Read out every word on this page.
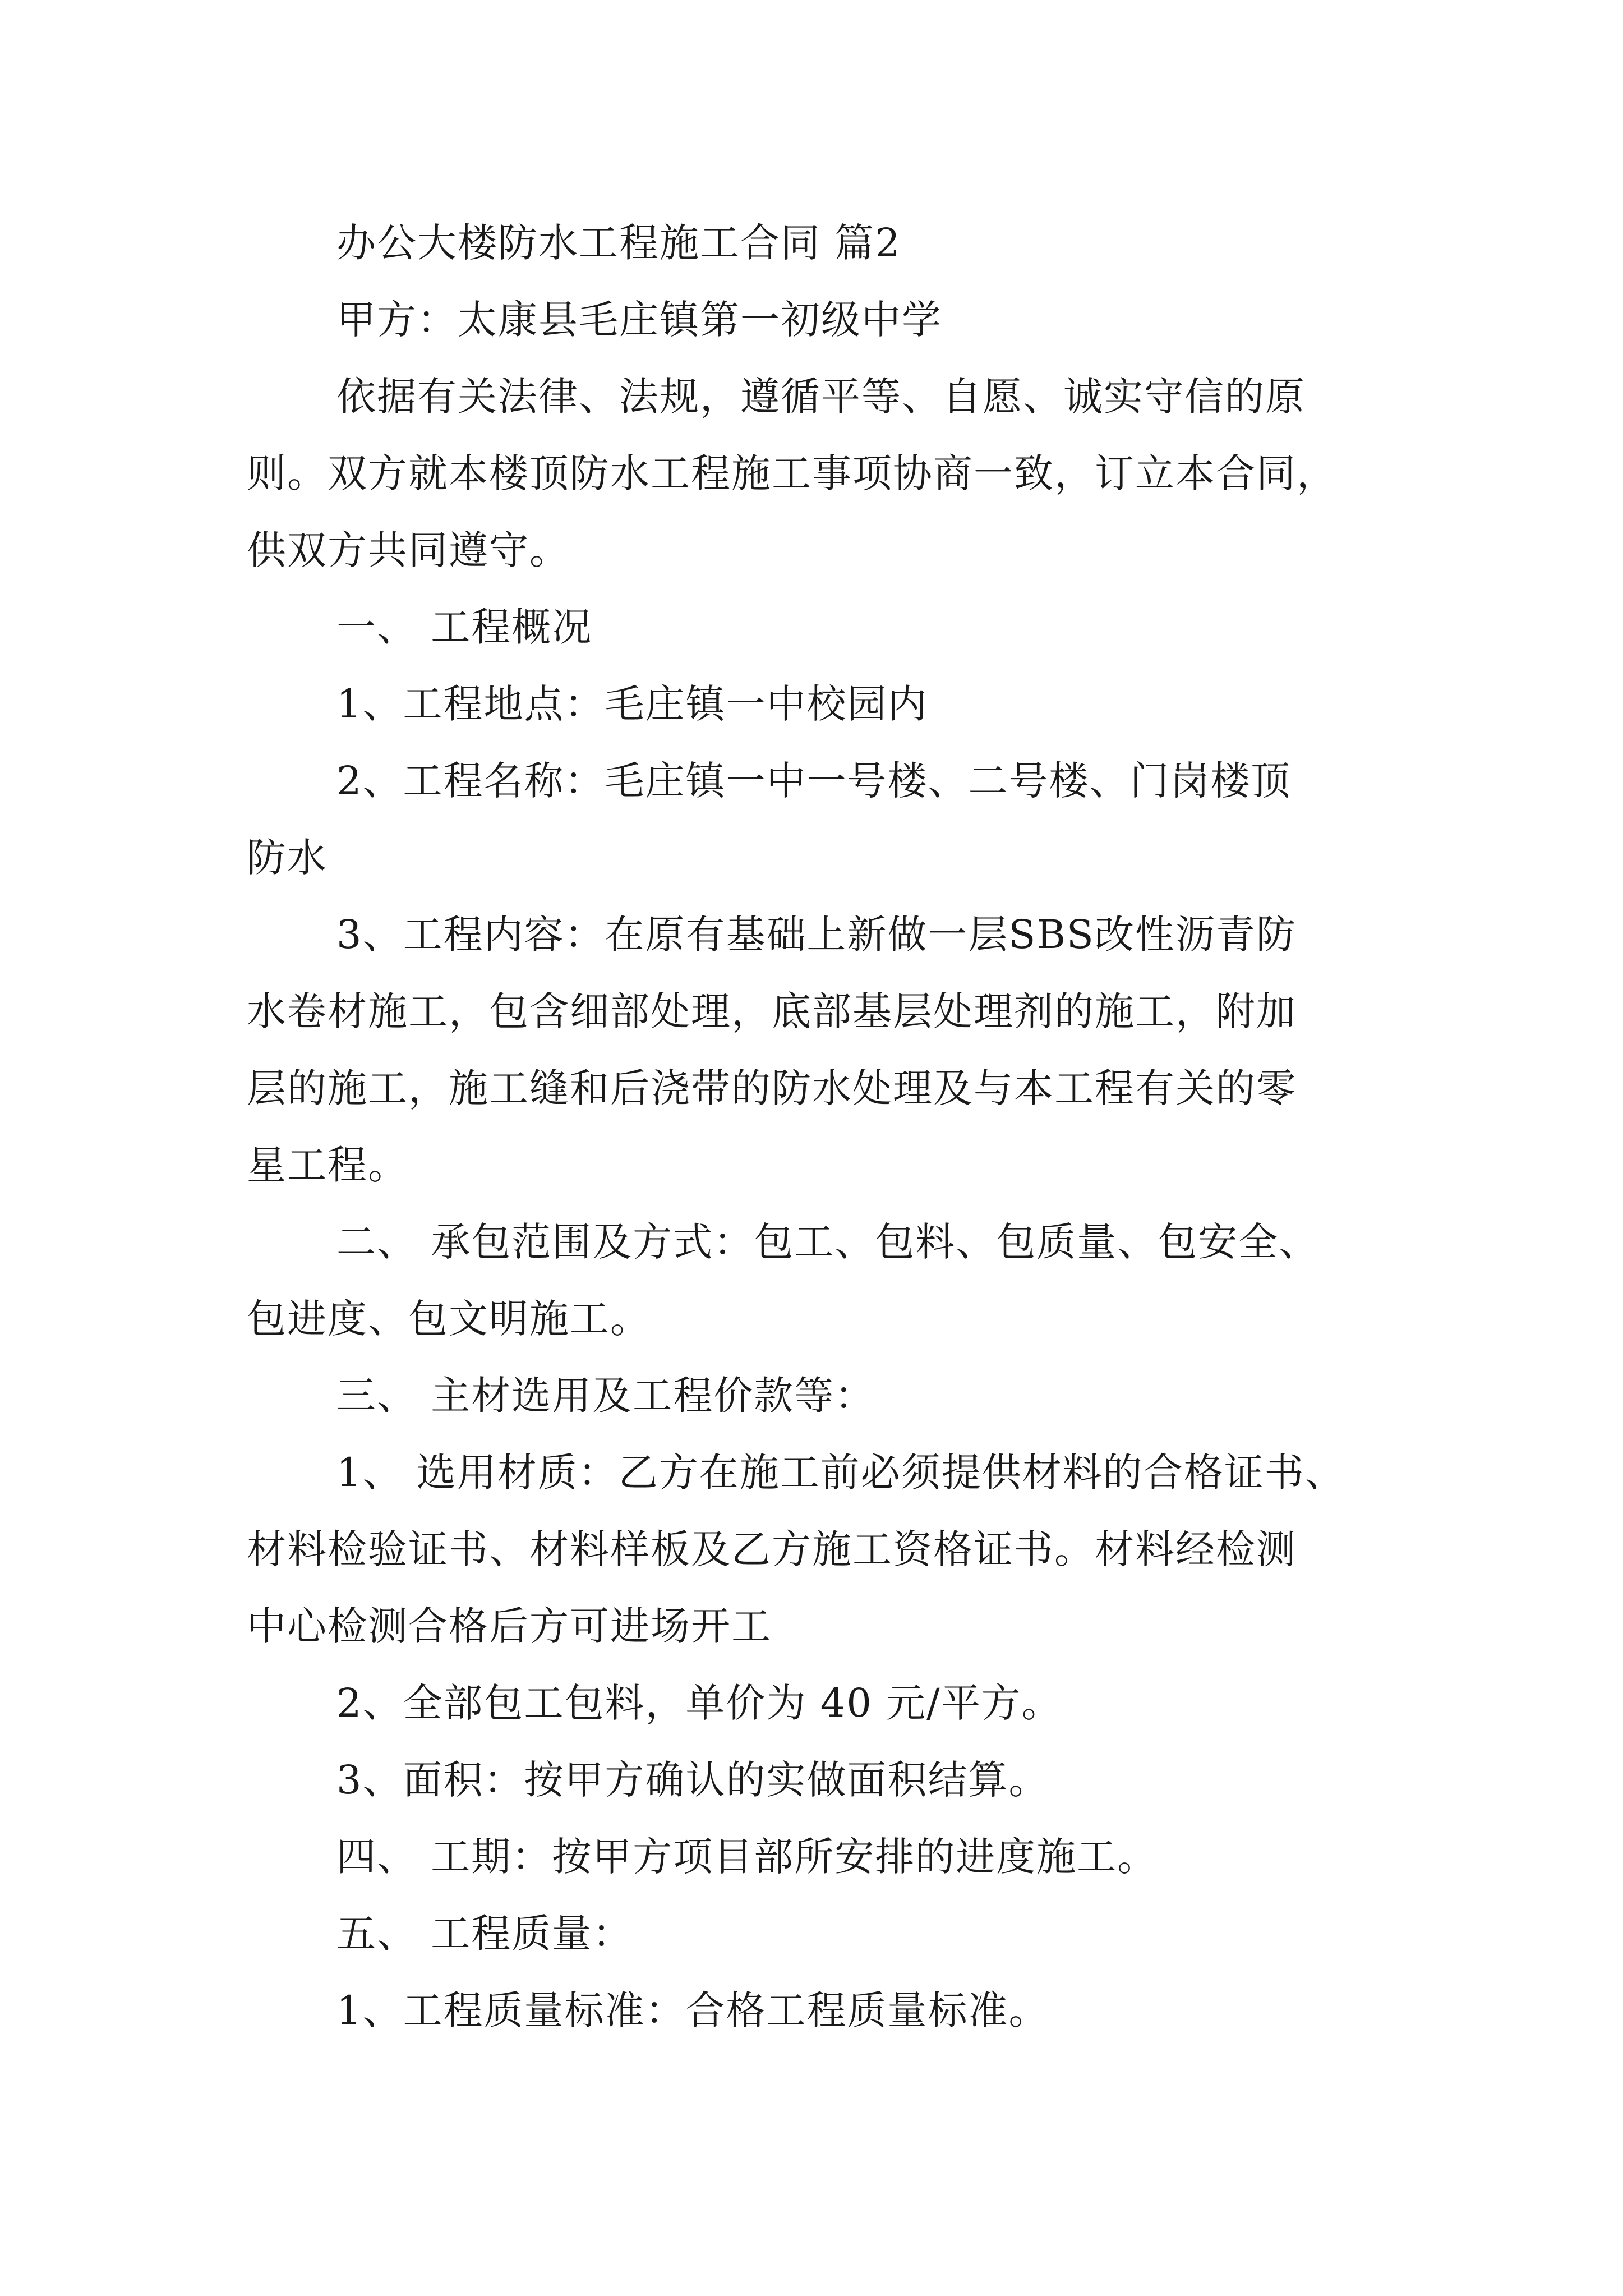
办公大楼防水工程施工合同 篇2
甲方：太康县毛庄镇第一初级中学
依据有关法律、法规，遵循平等、自愿、诚实守信的原
则。双方就本楼顶防水工程施工事项协商一致，订立本合同，
供双方共同遵守。
一、 工程概况
1、工程地点：毛庄镇一中校园内
2、工程名称：毛庄镇一中一号楼、二号楼、门岗楼顶
防水
3、工程内容：在原有基础上新做一层SBS改性沥青防
水卷材施工，包含细部处理，底部基层处理剂的施工，附加
层的施工，施工缝和后浇带的防水处理及与本工程有关的零
星工程。
二、 承包范围及方式：包工、包料、包质量、包安全、
包进度、包文明施工。
三、 主材选用及工程价款等：
1、 选用材质：乙方在施工前必须提供材料的合格证书、
材料检验证书、材料样板及乙方施工资格证书。材料经检测
中心检测合格后方可进场开工
2、全部包工包料，单价为 40 元/平方。
3、面积：按甲方确认的实做面积结算。
四、 工期：按甲方项目部所安排的进度施工。
五、 工程质量：
1、工程质量标准：合格工程质量标准。
